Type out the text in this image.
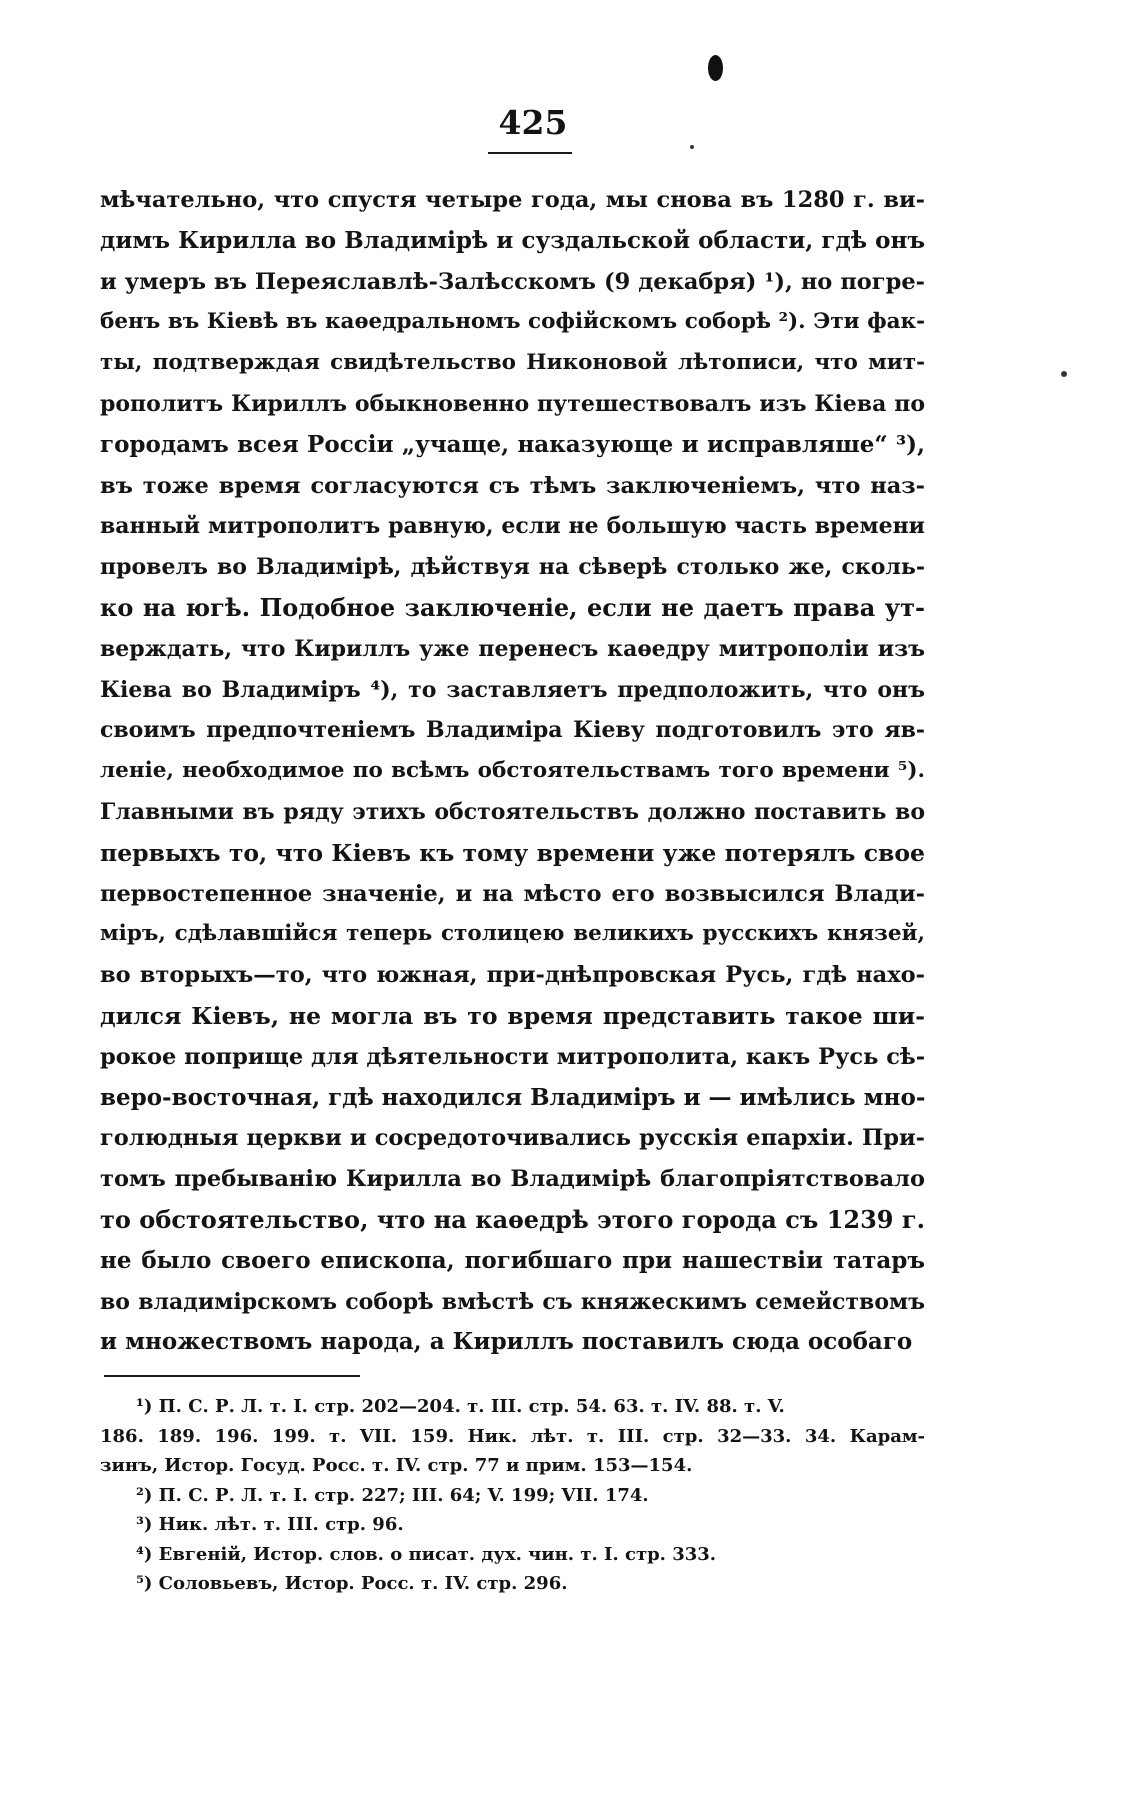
425
мѣчательно, что спустя четыре года, мы снова въ 1280 г. ви-
димъ Кирилла во Владимірѣ и суздальской области, гдѣ онъ
и умеръ въ Переяславлѣ-Залѣсскомъ (9 декабря) ¹), но погре-
бенъ въ Кіевѣ въ каѳедральномъ софійскомъ соборѣ ²). Эти фак-
ты, подтверждая свидѣтельство Никоновой лѣтописи, что мит-
рополитъ Кириллъ обыкновенно путешествовалъ изъ Кіева по
городамъ всея Россіи „учаще, наказующе и исправляше“ ³),
въ тоже время согласуются съ тѣмъ заключеніемъ, что наз-
ванный митрополитъ равную, если не большую часть времени
провелъ во Владимірѣ, дѣйствуя на сѣверѣ столько же, сколь-
ко на югѣ. Подобное заключеніе, если не даетъ права ут-
верждать, что Кириллъ уже перенесъ каѳедру митрополіи изъ
Кіева во Владиміръ ⁴), то заставляетъ предположить, что онъ
своимъ предпочтеніемъ Владиміра Кіеву подготовилъ это яв-
леніе, необходимое по всѣмъ обстоятельствамъ того времени ⁵).
Главными въ ряду этихъ обстоятельствъ должно поставить во
первыхъ то, что Кіевъ къ тому времени уже потерялъ свое
первостепенное значеніе, и на мѣсто его возвысился Влади-
міръ, сдѣлавшійся теперь столицею великихъ русскихъ князей,
во вторыхъ—то, что южная, при-днѣпровская Русь, гдѣ нахо-
дился Кіевъ, не могла въ то время представить такое ши-
рокое поприще для дѣятельности митрополита, какъ Русь сѣ-
веро-восточная, гдѣ находился Владиміръ и — имѣлись мно-
голюдныя церкви и сосредоточивались русскія епархіи. При-
томъ пребыванію Кирилла во Владимірѣ благопріятствовало
то обстоятельство, что на каѳедрѣ этого города съ 1239 г.
не было своего епископа, погибшаго при нашествіи татаръ
во владимірскомъ соборѣ вмѣстѣ съ княжескимъ семействомъ
и множествомъ народа, а Кириллъ поставилъ сюда особаго
¹) П. С. Р. Л. т. I. стр. 202—204. т. III. стр. 54. 63. т. IV. 88. т. V.
186. 189. 196. 199. т. VII. 159. Ник. лѣт. т. III. стр. 32—33. 34. Карам-
зинъ, Истор. Госуд. Росс. т. IV. стр. 77 и прим. 153—154.
²) П. С. Р. Л. т. I. стр. 227; III. 64; V. 199; VII. 174.
³) Ник. лѣт. т. III. стр. 96.
⁴) Евгеній, Истор. слов. о писат. дух. чин. т. I. стр. 333.
⁵) Соловьевъ, Истор. Росс. т. IV. стр. 296.
